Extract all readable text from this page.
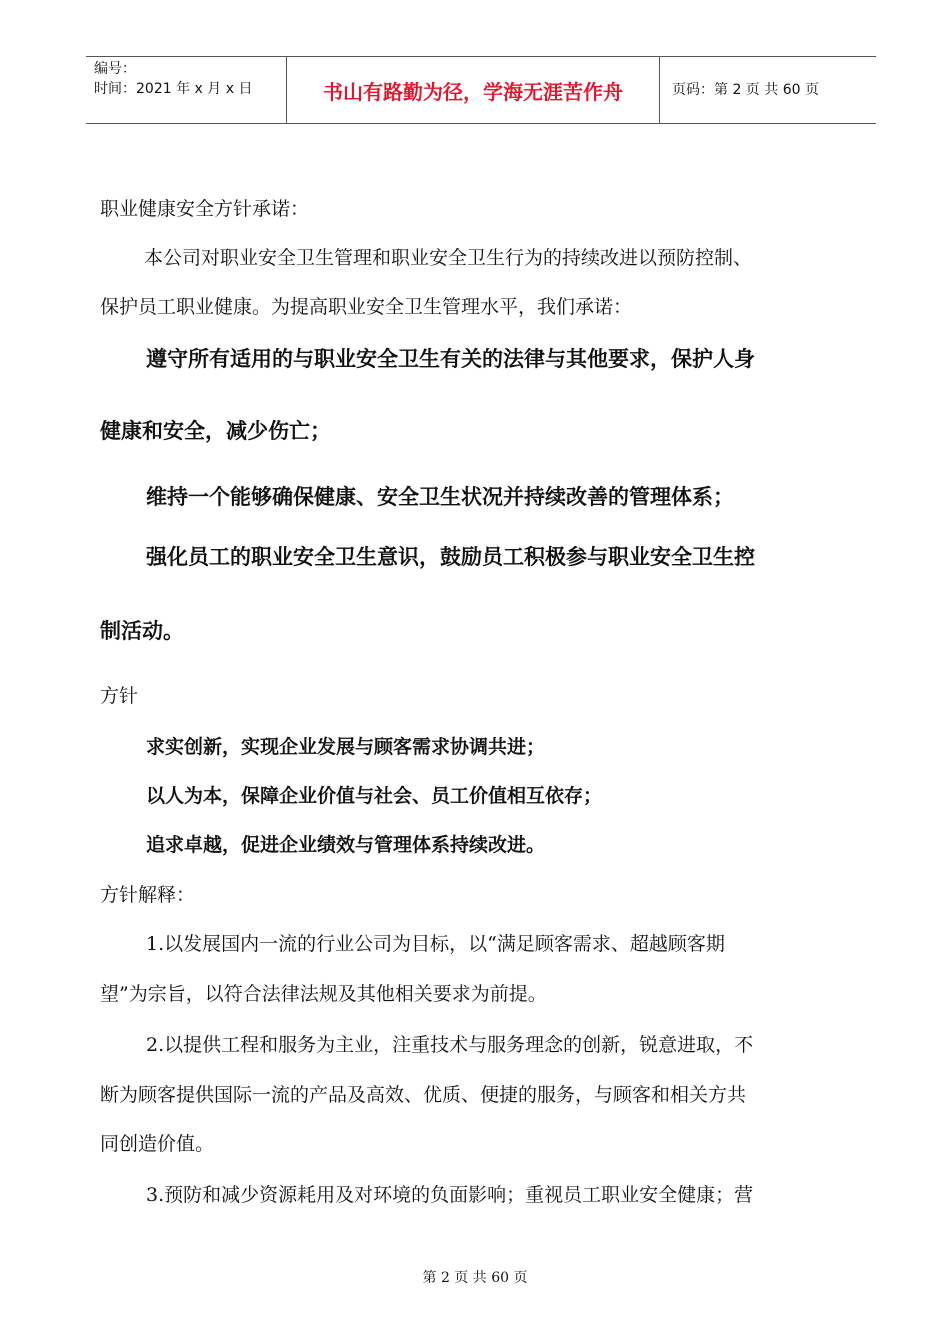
编号：
时间：2021 年 x 月 x 日	书山有路勤为径，学海无涯苦作舟	页码：第 2 页 共 60 页
职业健康安全方针承诺：
本公司对职业安全卫生管理和职业安全卫生行为的持续改进以预防控制、
保护员工职业健康。为提高职业安全卫生管理水平，我们承诺：
遵守所有适用的与职业安全卫生有关的法律与其他要求，保护人身
健康和安全，减少伤亡；
维持一个能够确保健康、安全卫生状况并持续改善的管理体系；
强化员工的职业安全卫生意识，鼓励员工积极参与职业安全卫生控
制活动。
方针
求实创新，实现企业发展与顾客需求协调共进；
以人为本，保障企业价值与社会、员工价值相互依存；
追求卓越，促进企业绩效与管理体系持续改进。
方针解释：
1.以发展国内一流的行业公司为目标，以“满足顾客需求、超越顾客期
望”为宗旨，以符合法律法规及其他相关要求为前提。
2.以提供工程和服务为主业，注重技术与服务理念的创新，锐意进取，不
断为顾客提供国际一流的产品及高效、优质、便捷的服务，与顾客和相关方共
同创造价值。
3.预防和减少资源耗用及对环境的负面影响；重视员工职业安全健康；营
第 2 页 共 60 页
